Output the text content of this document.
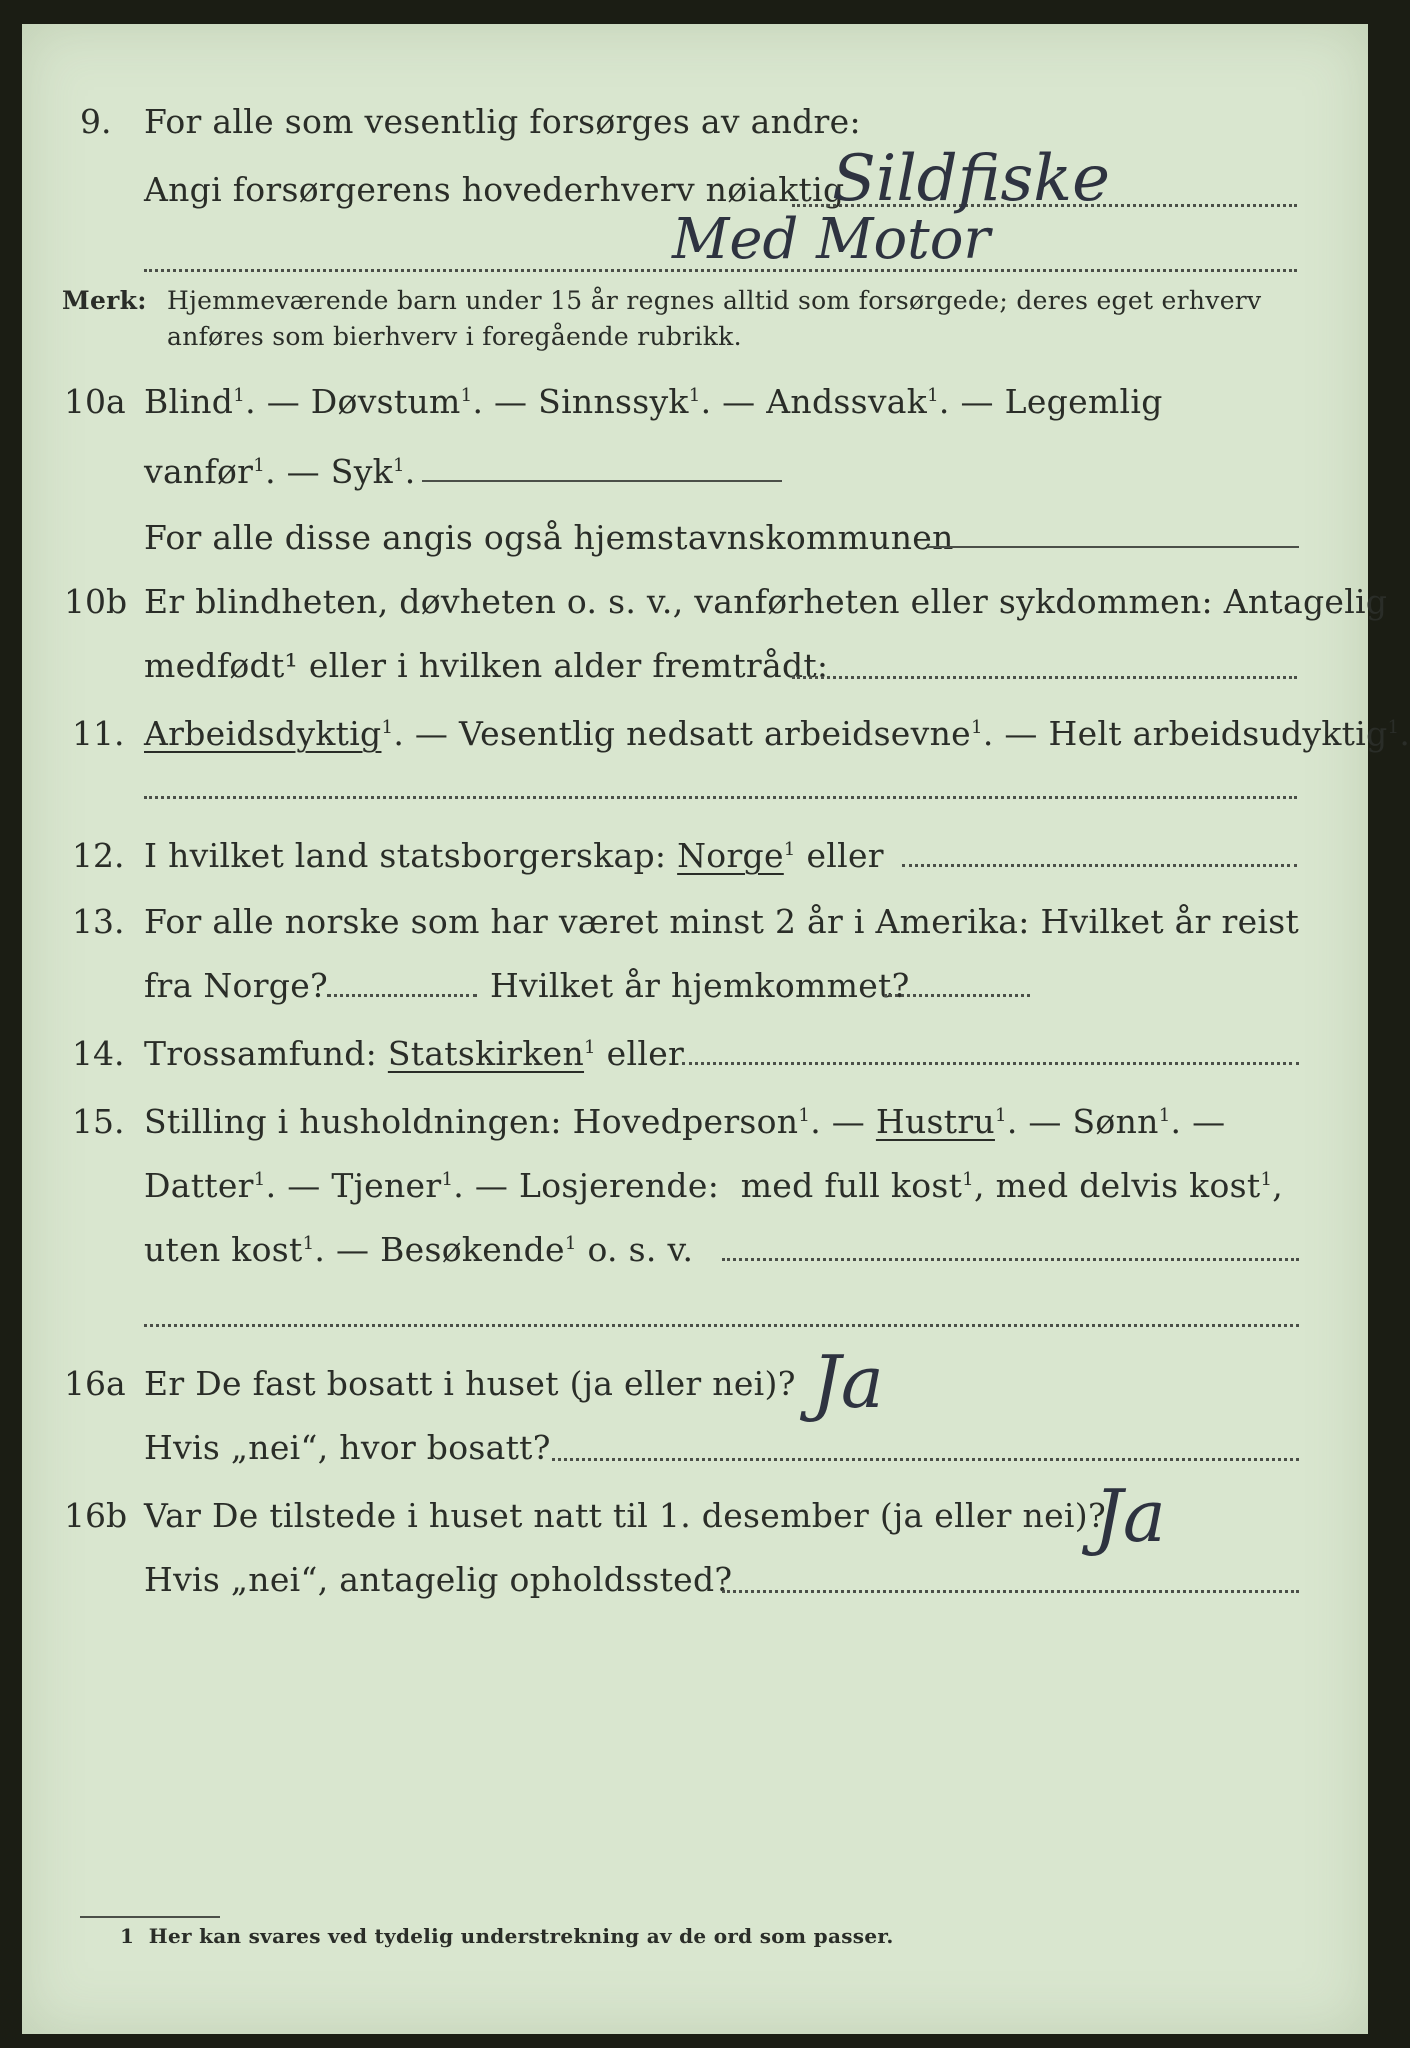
9. For alle som vesentlig forsørges av andre:
Angi forsørgerens hovederhverv nøiaktig
Sildfiske
Med Motor
Merk: Hjemmeværende barn under 15 år regnes alltid som forsørgede; deres eget erhverv
anføres som bierhverv i foregående rubrikk.
10a Blind$^1$. — Døvstum$^1$. — Sinnssyk$^1$. — Andssvak$^1$. — Legemlig
vanfør$^1$. — Syk$^1$.
For alle disse angis også hjemstavnskommunen
10b Er blindheten, døvheten o. s. v., vanførheten eller sykdommen: Antagelig
medfødt¹ eller i hvilken alder fremtrådt:
11. Arbeidsdyktig$^1$. — Vesentlig nedsatt arbeidsevne$^1$. — Helt arbeidsudyktig$^1$.
12. I hvilket land statsborgerskap: Norge$^1$ eller
13. For alle norske som har været minst 2 år i Amerika: Hvilket år reist
fra Norge?	Hvilket år hjemkommet?
14. Trossamfund: Statskirken$^1$ eller
15. Stilling i husholdningen: Hovedperson$^1$. — Hustru$^1$. — Sønn$^1$. —
Datter$^1$. — Tjener$^1$. — Losjerende: med full kost$^1$, med delvis kost$^1$,
uten kost$^1$. — Besøkende$^1$ o. s. v.
16a Er De fast bosatt i huset (ja eller nei)? Ja
Hvis „nei“, hvor bosatt?
16b Var De tilstede i huset natt til 1. desember (ja eller nei)?
Ja
Hvis „nei“, antagelig opholdssted?
1 Her kan svares ved tydelig understrekning av de ord som passer.
